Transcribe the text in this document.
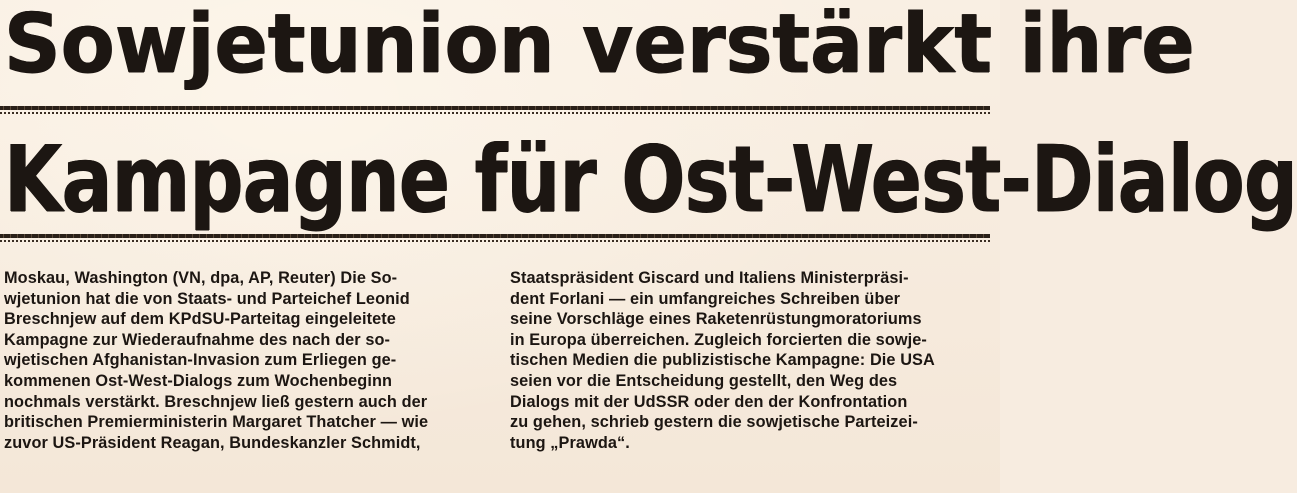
Sowjetunion verstärkt ihre
Kampagne für Ost-West-Dialog
Moskau, Washington (VN, dpa, AP, Reuter) Die So-
wjetunion hat die von Staats- und Parteichef Leonid
Breschnjew auf dem KPdSU-Parteitag eingeleitete
Kampagne zur Wiederaufnahme des nach der so-
wjetischen Afghanistan-Invasion zum Erliegen ge-
kommenen Ost-West-Dialogs zum Wochenbeginn
nochmals verstärkt. Breschnjew ließ gestern auch der
britischen Premierministerin Margaret Thatcher — wie
zuvor US-Präsident Reagan, Bundeskanzler Schmidt,
Staatspräsident Giscard und Italiens Ministerpräsi-
dent Forlani — ein umfangreiches Schreiben über
seine Vorschläge eines Raketenrüstungmoratoriums
in Europa überreichen. Zugleich forcierten die sowje-
tischen Medien die publizistische Kampagne: Die USA
seien vor die Entscheidung gestellt, den Weg des
Dialogs mit der UdSSR oder den der Konfrontation
zu gehen, schrieb gestern die sowjetische Parteizei-
tung „Prawda“.
